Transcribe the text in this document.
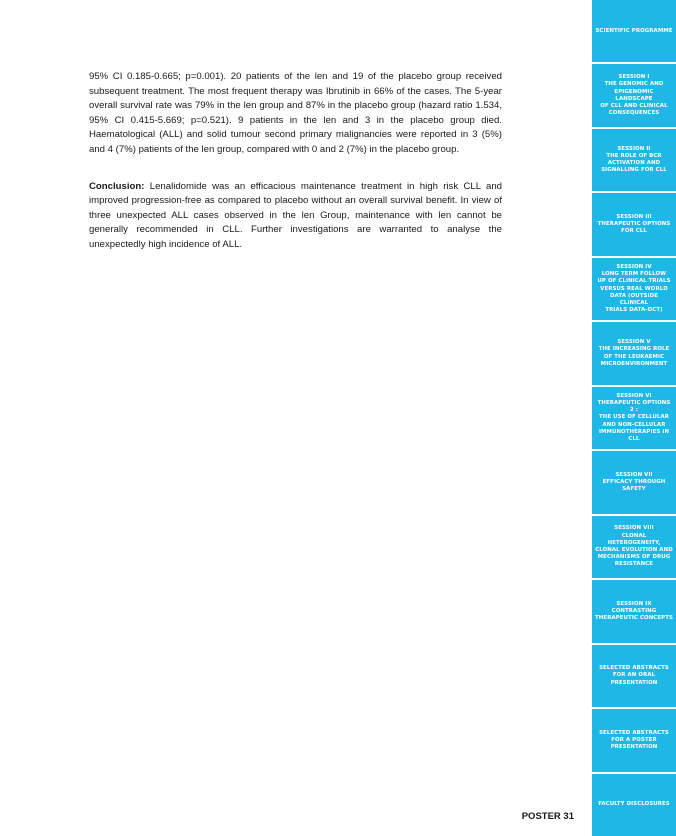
95% CI 0.185-0.665; p=0.001). 20 patients of the len and 19 of the placebo group received subsequent treatment. The most frequent therapy was Ibrutinib in 66% of the cases. The 5-year overall survival rate was 79% in the len group and 87% in the placebo group (hazard ratio 1.534, 95% CI 0.415-5.669; p=0.521). 9 patients in the len and 3 in the placebo group died. Haematological (ALL) and solid tumour second primary malignancies were reported in 3 (5%) and 4 (7%) patients of the len group, compared with 0 and 2 (7%) in the placebo group.

Conclusion: Lenalidomide was an efficacious maintenance treatment in high risk CLL and improved progression-free as compared to placebo without an overall survival benefit. In view of three unexpected ALL cases observed in the len Group, maintenance with len cannot be generally recommended in CLL. Further investigations are warranted to analyse the unexpectedly high incidence of ALL.

POSTER 31
SCIENTIFIC PROGRAMME
SESSION I
THE GENOMIC AND
EPIGENOMIC LANDSCAPE
OF CLL AND CLINICAL
CONSEQUENCES
SESSION II
THE ROLE OF BCR
ACTIVATION AND
SIGNALLING FOR CLL
SESSION III
THERAPEUTIC OPTIONS
FOR CLL
SESSION IV
LONG TERM FOLLOW
UP OF CLINICAL TRIALS
VERSUS REAL WORLD
DATA (OUTSIDE CLINICAL
TRIALS DATA-OCT)
SESSION V
THE INCREASING ROLE
OF THE LEUKAEMIC
MICROENVIRONMENT
SESSION VI
THERAPEUTIC OPTIONS 2 :
THE USE OF CELLULAR
AND NON-CELLULAR
IMMUNOTHERAPIES IN
CLL
SESSION VII
EFFICACY THROUGH
SAFETY
SESSION VIII
CLONAL HETEROGENEITY,
CLONAL EVOLUTION AND
MECHANISMS OF DRUG
RESISTANCE
SESSION IX
CONTRASTING
THERAPEUTIC CONCEPTS
SELECTED ABSTRACTS
FOR AN ORAL
PRESENTATION
SELECTED ABSTRACTS
FOR A POSTER
PRESENTATION
FACULTY DISCLOSURES
